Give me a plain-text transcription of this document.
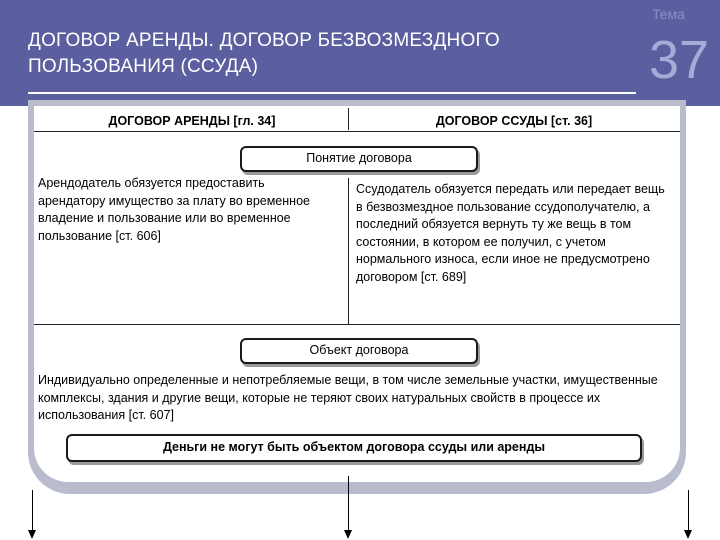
ДОГОВОР АРЕНДЫ. ДОГОВОР БЕЗВОЗМЕЗДНОГО ПОЛЬЗОВАНИЯ (ССУДА)
Тема
37
ДОГОВОР АРЕНДЫ [гл. 34]	ДОГОВОР ССУДЫ [ст. 36]
Понятие договора
Арендодатель обязуется предоставить арендатору имущество за плату во временное владение и пользование или во временное пользование [ст. 606]
Ссудодатель обязуется передать или передает вещь в безвозмездное пользование ссудополучателю, а последний обязуется вернуть ту же вещь в том состоянии, в котором ее получил, с учетом нормального износа, если иное не предусмотрено договором [ст. 689]
Объект договора
Индивидуально определенные и непотребляемые вещи, в том числе земельные участки, имущественные комплексы, здания и другие вещи, которые не теряют своих натуральных свойств в процессе их использования [ст. 607]
Деньги не могут быть объектом договора ссуды или аренды
